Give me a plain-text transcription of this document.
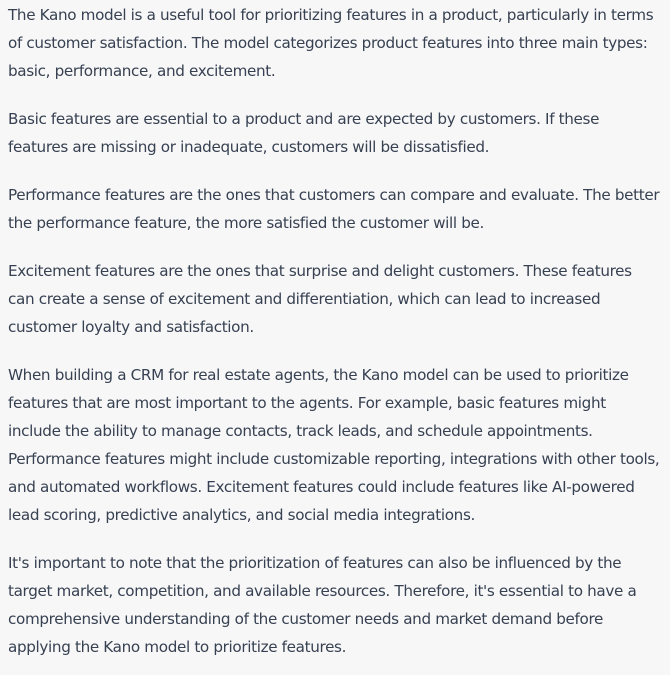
The Kano model is a useful tool for prioritizing features in a product, particularly in terms of customer satisfaction. The model categorizes product features into three main types: basic, performance, and excitement.

Basic features are essential to a product and are expected by customers. If these features are missing or inadequate, customers will be dissatisfied.

Performance features are the ones that customers can compare and evaluate. The better the performance feature, the more satisfied the customer will be.

Excitement features are the ones that surprise and delight customers. These features can create a sense of excitement and differentiation, which can lead to increased customer loyalty and satisfaction.

When building a CRM for real estate agents, the Kano model can be used to prioritize features that are most important to the agents. For example, basic features might include the ability to manage contacts, track leads, and schedule appointments. Performance features might include customizable reporting, integrations with other tools, and automated workflows. Excitement features could include features like AI-powered lead scoring, predictive analytics, and social media integrations.

It's important to note that the prioritization of features can also be influenced by the target market, competition, and available resources. Therefore, it's essential to have a comprehensive understanding of the customer needs and market demand before applying the Kano model to prioritize features.
